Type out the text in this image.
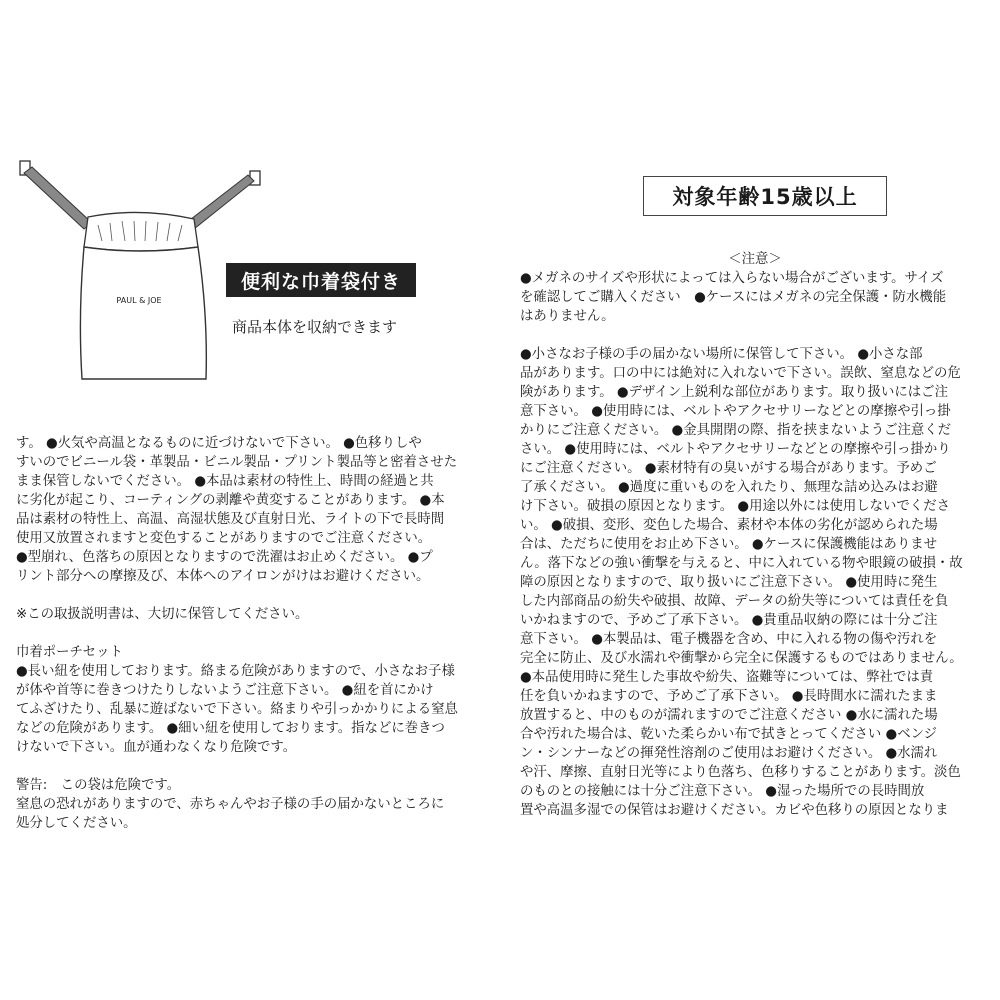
PAUL & JOE
便利な巾着袋付き
商品本体を収納できます
対象年齢15歳以上

す。 ●火気や高温となるものに近づけないで下さい。 ●色移りしや

すいのでビニール袋・革製品・ビニル製品・プリント製品等と密着させた

まま保管しないでください。 ●本品は素材の特性上、時間の経過と共

に劣化が起こり、コーティングの剥離や黄変することがあります。 ●本

品は素材の特性上、高温、高湿状態及び直射日光、ライトの下で長時間

使用又放置されますと変色することがありますのでご注意ください。

●型崩れ、色落ちの原因となりますので洗濯はお止めください。 ●プ

リント部分への摩擦及び、本体へのアイロンがけはお避けください。

※この取扱説明書は、大切に保管してください。

巾着ポーチセット

●長い紐を使用しております。絡まる危険がありますので、小さなお子様

が体や首等に巻きつけたりしないようご注意下さい。 ●紐を首にかけ

てふざけたり、乱暴に遊ばないで下さい。絡まりや引っかかりによる窒息

などの危険があります。 ●細い紐を使用しております。指などに巻きつ

けないで下さい。血が通わなくなり危険です。

警告:　この袋は危険です。

窒息の恐れがありますので、赤ちゃんやお子様の手の届かないところに

処分してください。

＜注意＞

●メガネのサイズや形状によっては入らない場合がございます。サイズ

を確認してご購入ください　●ケースにはメガネの完全保護・防水機能

はありません。

●小さなお子様の手の届かない場所に保管して下さい。 ●小さな部

品があります。口の中には絶対に入れないで下さい。誤飲、窒息などの危

険があります。 ●デザイン上鋭利な部位があります。取り扱いにはご注

意下さい。 ●使用時には、ベルトやアクセサリーなどとの摩擦や引っ掛

かりにご注意ください。 ●金具開閉の際、指を挟まないようご注意くだ

さい。 ●使用時には、ベルトやアクセサリーなどとの摩擦や引っ掛かり

にご注意ください。 ●素材特有の臭いがする場合があります。予めご

了承ください。 ●過度に重いものを入れたり、無理な詰め込みはお避

け下さい。破損の原因となります。 ●用途以外には使用しないでくださ

い。 ●破損、変形、変色した場合、素材や本体の劣化が認められた場

合は、ただちに使用をお止め下さい。 ●ケースに保護機能はありませ

ん。落下などの強い衝撃を与えると、中に入れている物や眼鏡の破損・故

障の原因となりますので、取り扱いにご注意下さい。 ●使用時に発生

した内部商品の紛失や破損、故障、データの紛失等については責任を負

いかねますので、予めご了承下さい。 ●貴重品収納の際には十分ご注

意下さい。 ●本製品は、電子機器を含め、中に入れる物の傷や汚れを

完全に防止、及び水濡れや衝撃から完全に保護するものではありません。

●本品使用時に発生した事故や紛失、盗難等については、弊社では責

任を負いかねますので、予めご了承下さい。 ●長時間水に濡れたまま

放置すると、中のものが濡れますのでご注意ください ●水に濡れた場

合や汚れた場合は、乾いた柔らかい布で拭きとってください ●ベンジ

ン・シンナーなどの揮発性溶剤のご使用はお避けください。 ●水濡れ

や汗、摩擦、直射日光等により色落ち、色移りすることがあります。淡色

のものとの接触には十分ご注意下さい。 ●湿った場所での長時間放

置や高温多湿での保管はお避けください。カビや色移りの原因となりま
